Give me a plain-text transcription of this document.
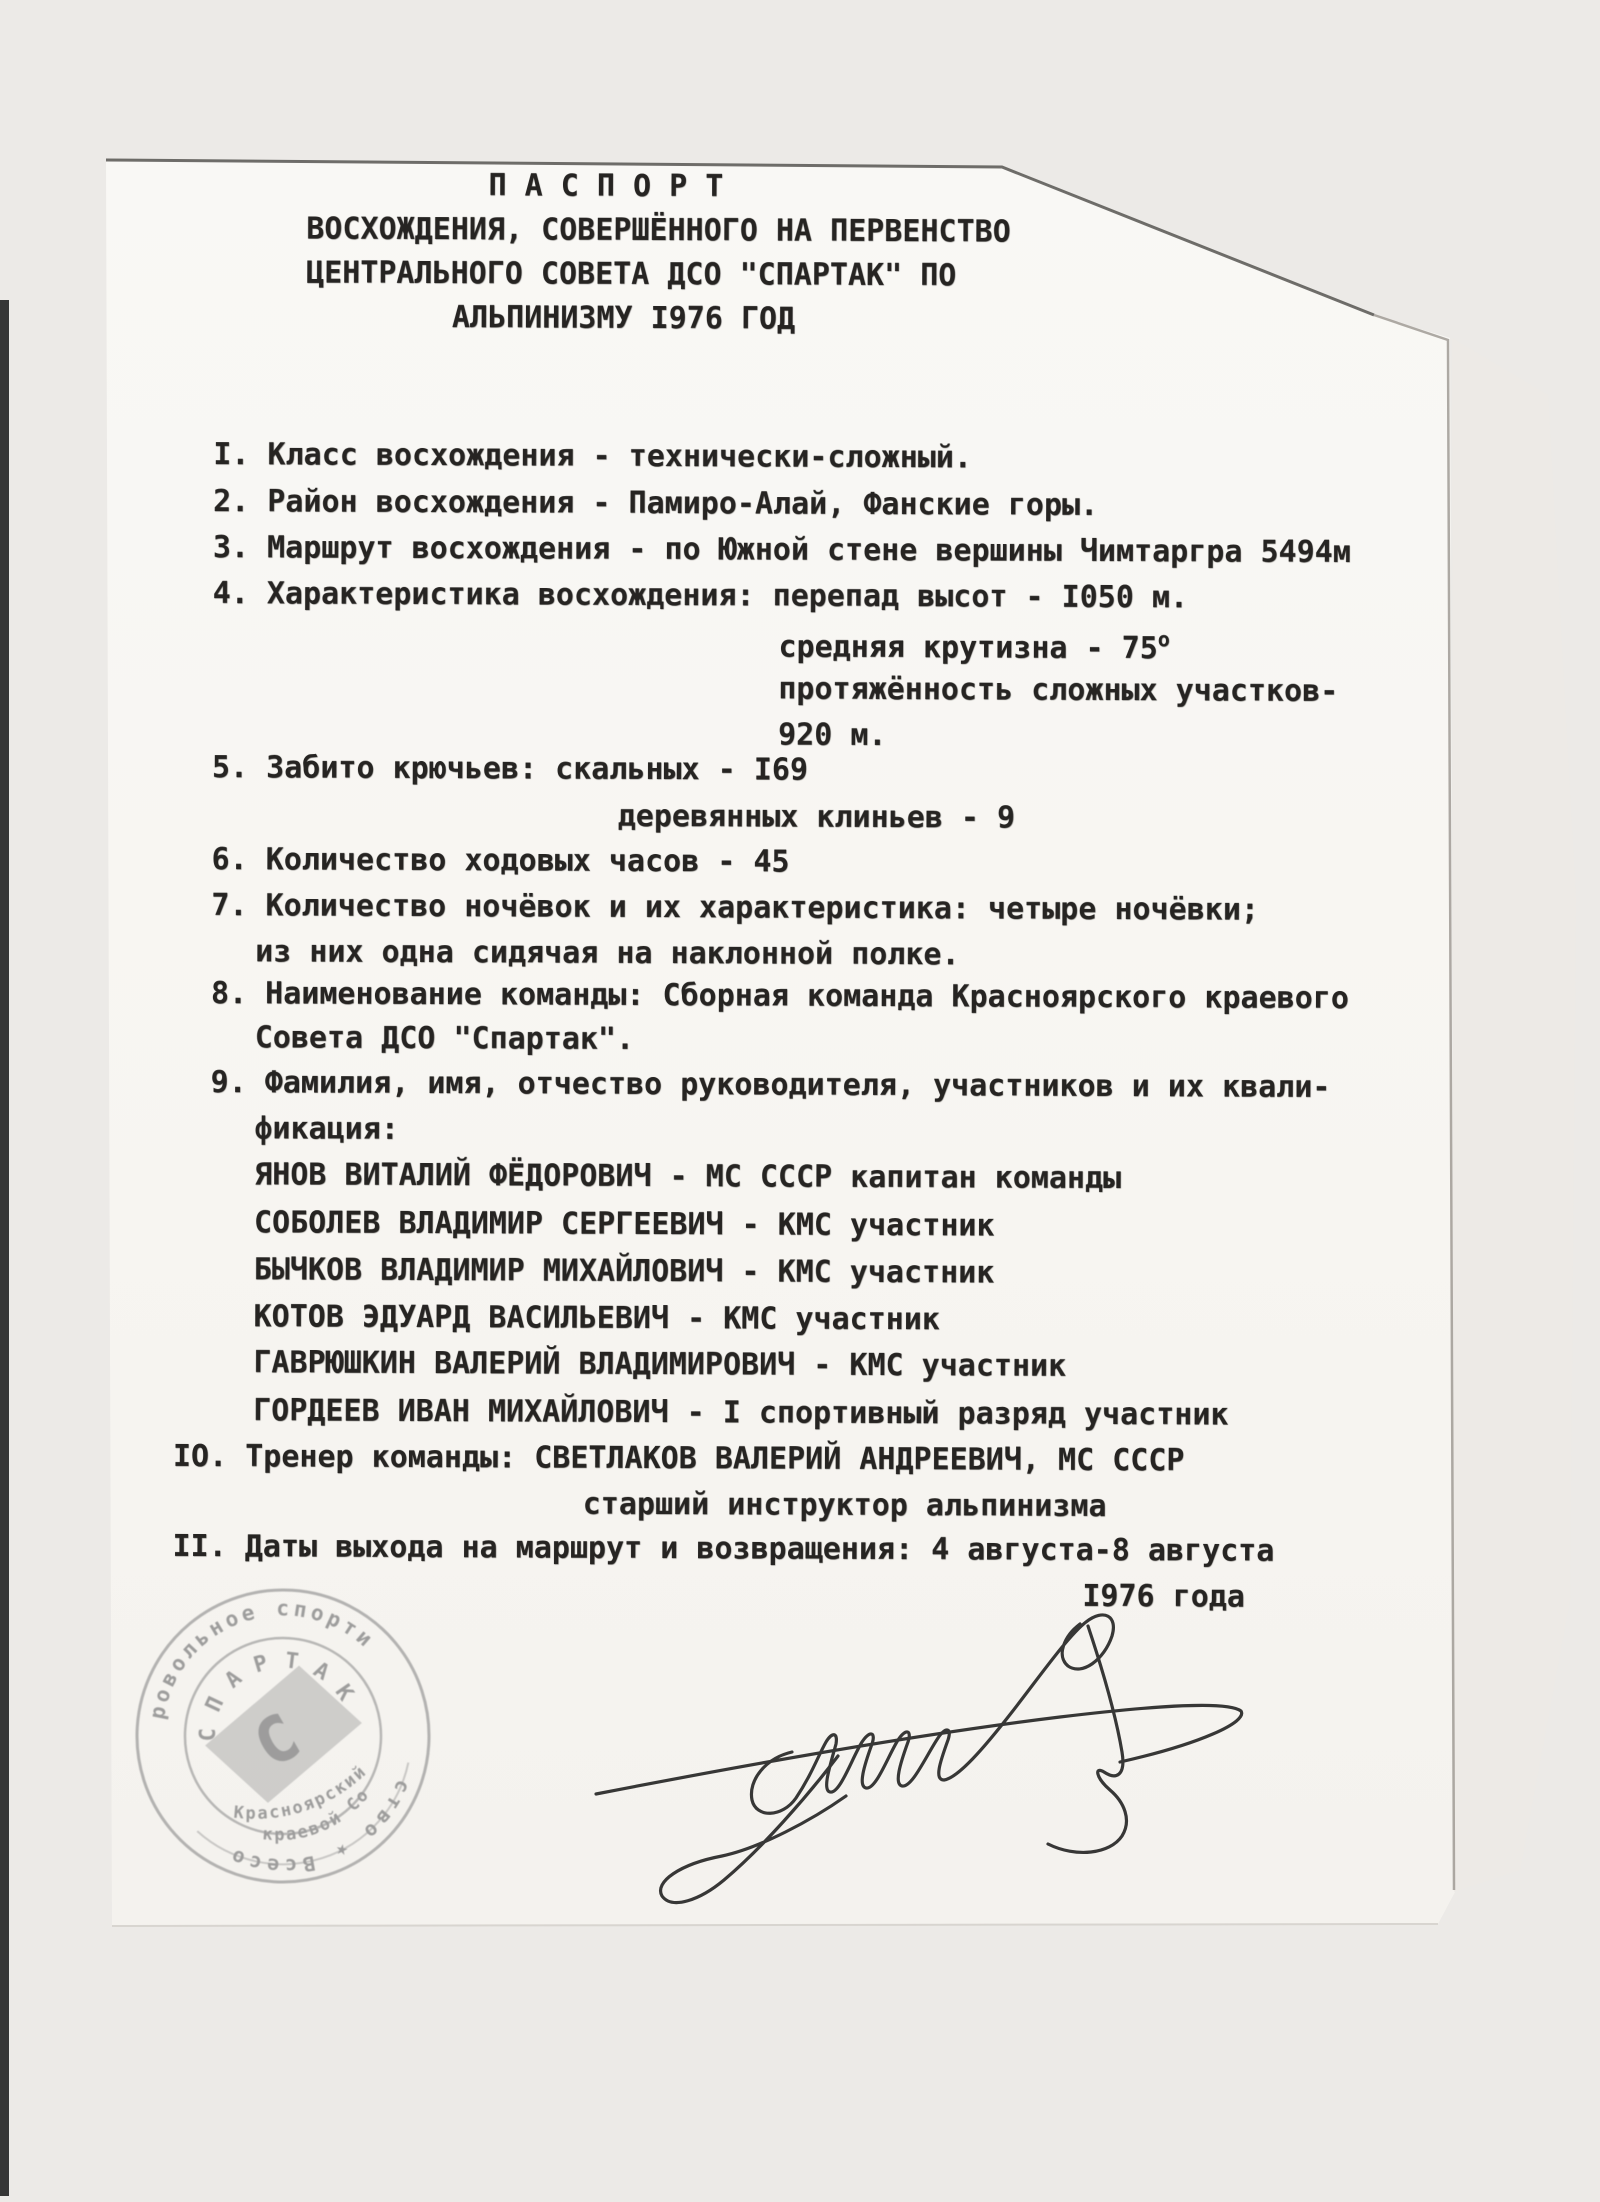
П А С П О Р Т
ВОСХОЖДЕНИЯ, СОВЕРШЁННОГО НА ПЕРВЕНСТВО
ЦЕНТРАЛЬНОГО СОВЕТА ДСО "СПАРТАК" ПО
АЛЬПИНИЗМУ I976 ГОД
I. Класс восхождения - технически-сложный.
2. Район восхождения - Памиро-Алай, Фанские горы.
3. Маршрут восхождения - по Южной стене вершины Чимтаргра 5494м
4. Характеристика восхождения: перепад высот - I050 м.
средняя крутизна - $75^о$
протяжённость сложных участков-
920 м.
5. Забито крючьев: скальных - I69
деревянных клиньев - 9
6. Количество ходовых часов - 45
7. Количество ночёвок и их характеристика: четыре ночёвки;
из них одна сидячая на наклонной полке.
8. Наименование команды: Сборная команда Красноярского краевого
Совета ДСО "Спартак".
9. Фамилия, имя, отчество руководителя, участников и их квали-
фикация:
ЯНОВ ВИТАЛИЙ ФЁДОРОВИЧ - МС СССР капитан команды
СОБОЛЕВ ВЛАДИМИР СЕРГЕЕВИЧ - КМС участник
БЫЧКОВ ВЛАДИМИР МИХАЙЛОВИЧ - КМС участник
КОТОВ ЭДУАРД ВАСИЛЬЕВИЧ - КМС участник
ГАВРЮШКИН ВАЛЕРИЙ ВЛАДИМИРОВИЧ - КМС участник
ГОРДЕЕВ ИВАН МИХАЙЛОВИЧ - I спортивный разряд участник
IO. Тренер команды: СВЕТЛАКОВ ВАЛЕРИЙ АНДРЕЕВИЧ, МС СССР
старший инструктор альпинизма
II. Даты выхода на маршрут и возвращения: 4 августа-8 августа
I976 года
С
ровольное спорти
ство ★ Всесо
С П А Р Т А К
Красноярский
краевой Со
